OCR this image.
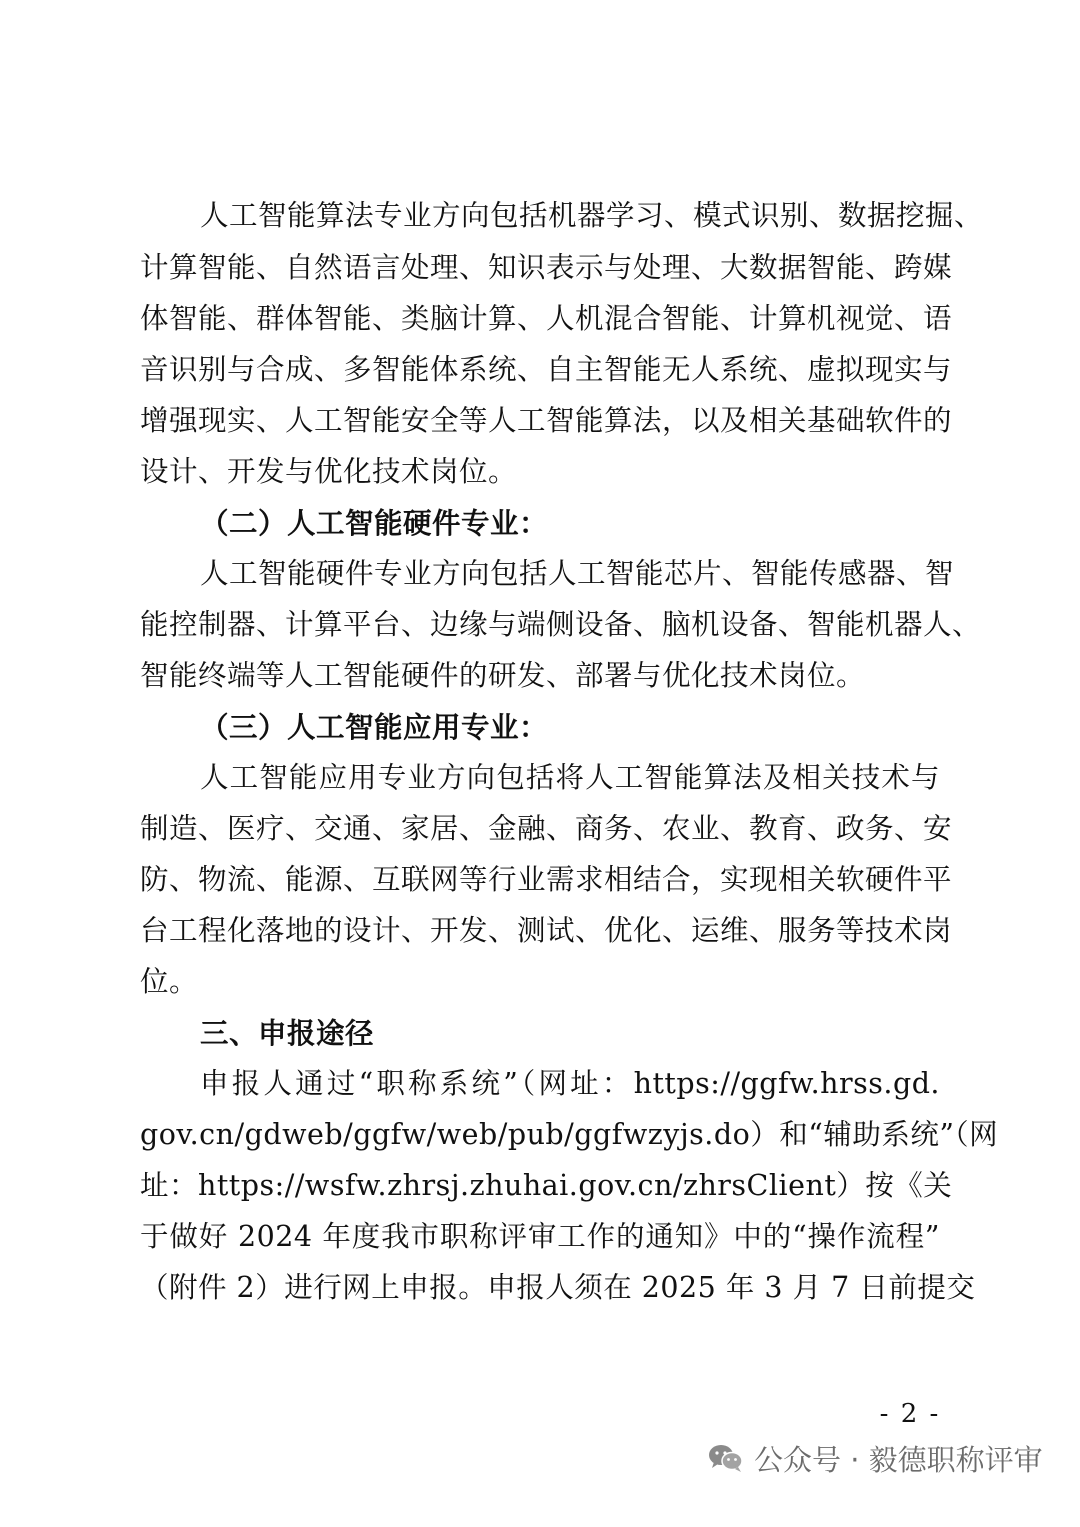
人工智能算法专业方向包括机器学习、模式识别、数据挖掘、
计算智能、自然语言处理、知识表示与处理、大数据智能、跨媒
体智能、群体智能、类脑计算、人机混合智能、计算机视觉、语
音识别与合成、多智能体系统、自主智能无人系统、虚拟现实与
增强现实、人工智能安全等人工智能算法，以及相关基础软件的
设计、开发与优化技术岗位。
（二）人工智能硬件专业：
人工智能硬件专业方向包括人工智能芯片、智能传感器、智
能控制器、计算平台、边缘与端侧设备、脑机设备、智能机器人、
智能终端等人工智能硬件的研发、部署与优化技术岗位。
（三）人工智能应用专业：
人工智能应用专业方向包括将人工智能算法及相关技术与
制造、医疗、交通、家居、金融、商务、农业、教育、政务、安
防、物流、能源、互联网等行业需求相结合，实现相关软硬件平
台工程化落地的设计、开发、测试、优化、运维、服务等技术岗
位。
三、申报途径
申报人通过“职称系统”（网址：https://ggfw.hrss.gd.
gov.cn/gdweb/ggfw/web/pub/ggfwzyjs.do）和“辅助系统”（网
址：https://wsfw.zhrsj.zhuhai.gov.cn/zhrsClient）按《关
于做好 2024 年度我市职称评审工作的通知》中的“操作流程”
（附件 2）进行网上申报。申报人须在 2025 年 3 月 7 日前提交
- 2 -
公众号 · 毅德职称评审
